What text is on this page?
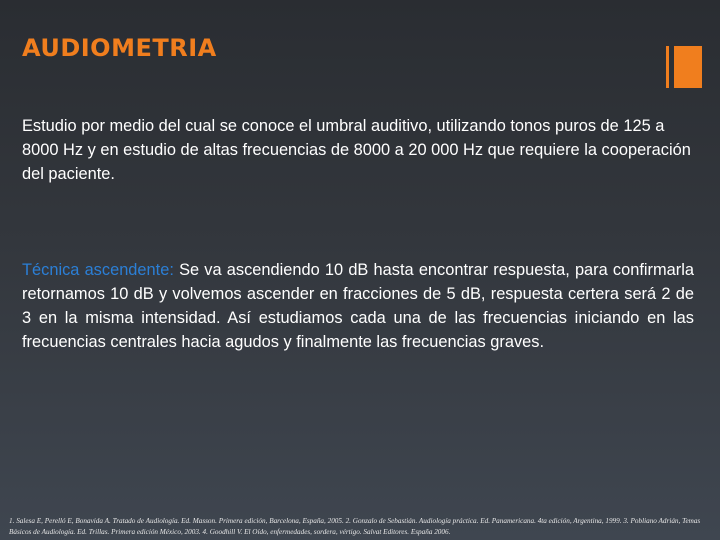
AUDIOMETRIA
Estudio por medio del cual se conoce el umbral auditivo, utilizando tonos puros de 125 a 8000 Hz y en estudio de altas frecuencias de 8000 a 20 000 Hz que requiere la cooperación del paciente.
Técnica ascendente: Se va ascendiendo 10 dB hasta encontrar respuesta, para confirmarla retornamos 10 dB y volvemos ascender en fracciones de 5 dB, respuesta certera será 2 de 3 en la misma intensidad. Así estudiamos cada una de las frecuencias iniciando en las frecuencias centrales hacia agudos y finalmente las frecuencias graves.
1. Salesa E, Perelló E, Bonavida A. Tratado de Audiología. Ed. Masson. Primera edición, Barcelona, España, 2005. 2. Gonzalo de Sebastián. Audiología práctica. Ed. Panamericana. 4ta edición, Argentina, 1999. 3. Pobliano Adrián, Temas Básicos de Audiología. Ed. Trillas. Primera edición México, 2003. 4. Goodhill V. El Oído, enfermedades, sordera, vértigo. Salvat Editores. España 2006.
